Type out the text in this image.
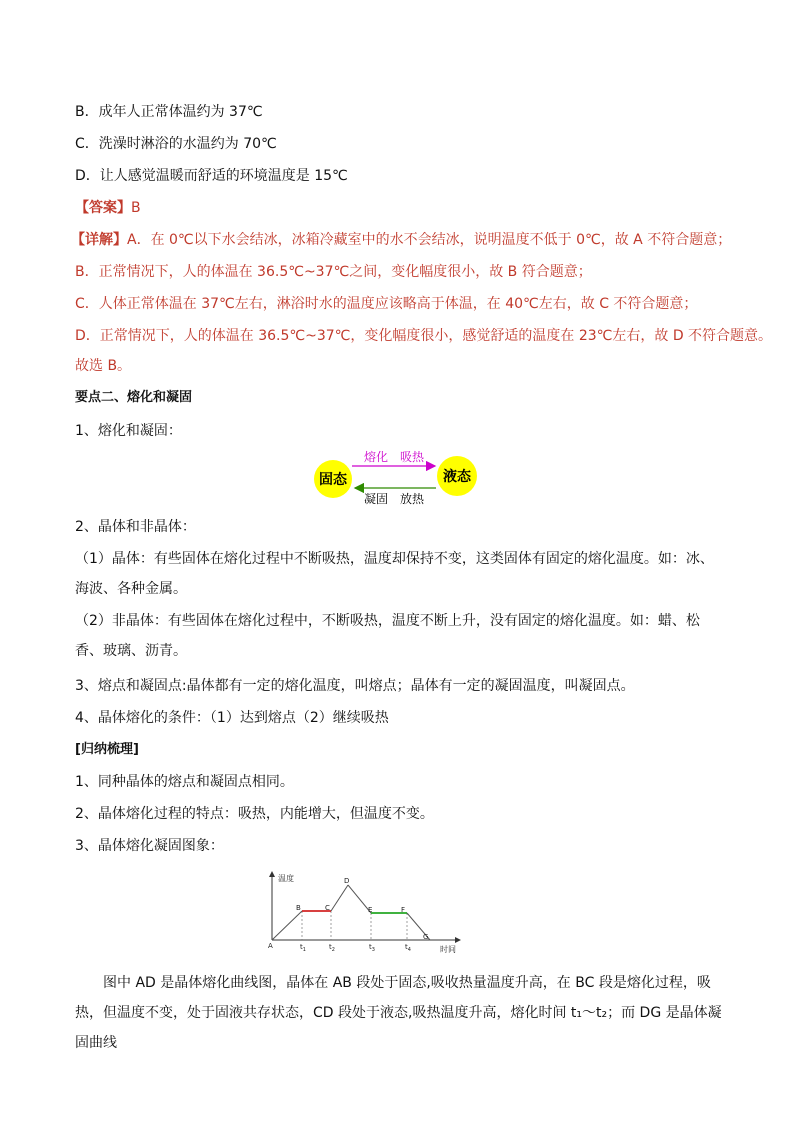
B．成年人正常体温约为 37℃
C．洗澡时淋浴的水温约为 70℃
D．让人感觉温暖而舒适的环境温度是 15℃
【答案】B
【详解】A．在 0℃以下水会结冰，冰箱冷藏室中的水不会结冰，说明温度不低于 0℃，故 A 不符合题意；
B．正常情况下，人的体温在 36.5℃~37℃之间，变化幅度很小，故 B 符合题意；
C．人体正常体温在 37℃左右，淋浴时水的温度应该略高于体温，在 40℃左右，故 C 不符合题意；
D．正常情况下，人的体温在 36.5℃~37℃，变化幅度很小，感觉舒适的温度在 23℃左右，故 D 不符合题意。
故选 B。
要点二、熔化和凝固
1、熔化和凝固：
固态	液态
熔化　吸热
凝固　放热
2、晶体和非晶体：
（1）晶体：有些固体在熔化过程中不断吸热，温度却保持不变，这类固体有固定的熔化温度。如：冰、海波、各种金属。
（2）非晶体：有些固体在熔化过程中，不断吸热，温度不断上升，没有固定的熔化温度。如：蜡、松香、玻璃、沥青。
3、熔点和凝固点:晶体都有一定的熔化温度，叫熔点；晶体有一定的凝固温度，叫凝固点。
4、晶体熔化的条件：（1）达到熔点（2）继续吸热
[归纳梳理]
1、同种晶体的熔点和凝固点相同。
2、晶体熔化过程的特点：吸热，内能增大，但温度不变。
3、晶体熔化凝固图象：
温度
时间
A
B	C
D
E	F
G
$t_1$	$t_2$	$t_3$	$t_4$
图中 AD 是晶体熔化曲线图，晶体在 AB 段处于固态,吸收热量温度升高，在 BC 段是熔化过程，吸热，但温度不变，处于固液共存状态，CD 段处于液态,吸热温度升高，熔化时间 t₁～t₂；而 DG 是晶体凝固曲线
